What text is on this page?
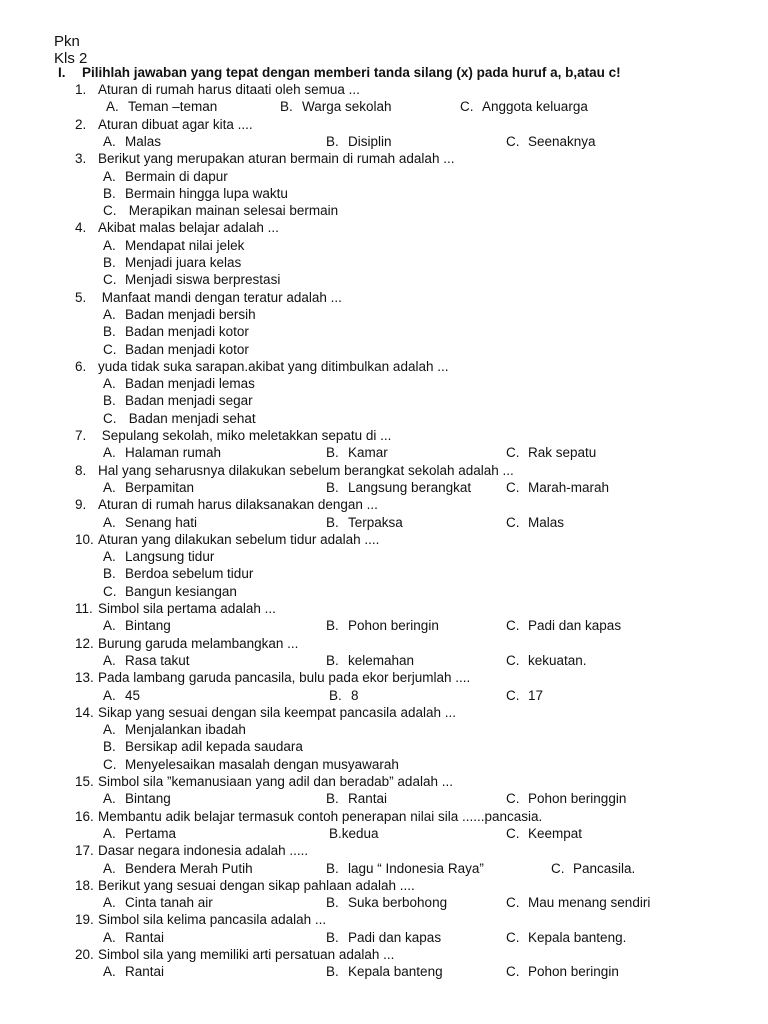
Pkn
Kls 2
I. Pilihlah jawaban yang tepat dengan memberi tanda silang (x) pada huruf a, b,atau c!
1. Aturan di rumah harus ditaati oleh semua ...
A. Teman –teman	B. Warga sekolah	C. Anggota keluarga
2. Aturan dibuat agar kita ....
A. Malas	B. Disiplin	C. Seenaknya
3. Berikut yang merupakan aturan bermain di rumah adalah ...
A. Bermain di dapur
B. Bermain hingga lupa waktu
C. Merapikan mainan selesai bermain
4. Akibat malas belajar adalah ...
A. Mendapat nilai jelek
B. Menjadi juara kelas
C. Menjadi siswa berprestasi
5. Manfaat mandi dengan teratur adalah ...
A. Badan menjadi bersih
B. Badan menjadi kotor
C. Badan menjadi kotor
6. yuda tidak suka sarapan.akibat yang ditimbulkan adalah ...
A. Badan menjadi lemas
B. Badan menjadi segar
C. Badan menjadi sehat
7. Sepulang sekolah, miko meletakkan sepatu di ...
A. Halaman rumah	B. Kamar	C. Rak sepatu
8. Hal yang seharusnya dilakukan sebelum berangkat sekolah adalah ...
A. Berpamitan	B. Langsung berangkat	C. Marah-marah
9. Aturan di rumah harus dilaksanakan dengan ...
A. Senang hati	B. Terpaksa	C. Malas
10. Aturan yang dilakukan sebelum tidur adalah ....
A. Langsung tidur
B. Berdoa sebelum tidur
C. Bangun kesiangan
11. Simbol sila pertama adalah ...
A. Bintang	B. Pohon beringin	C. Padi dan kapas
12. Burung garuda melambangkan ...
A. Rasa takut	B. kelemahan	C. kekuatan.
13. Pada lambang garuda pancasila, bulu pada ekor berjumlah ....
A. 45	B. 8	C. 17
14. Sikap yang sesuai dengan sila keempat pancasila adalah ...
A. Menjalankan ibadah
B. Bersikap adil kepada saudara
C. Menyelesaikan masalah dengan musyawarah
15. Simbol sila ”kemanusiaan yang adil dan beradab” adalah ...
A. Bintang	B. Rantai	C. Pohon beringgin
16. Membantu adik belajar termasuk contoh penerapan nilai sila ......pancasia.
A. Pertama	B.kedua	C. Keempat
17. Dasar negara indonesia adalah .....
A. Bendera Merah Putih	B. lagu “ Indonesia Raya”	C. Pancasila.
18. Berikut yang sesuai dengan sikap pahlaan adalah ....
A. Cinta tanah air	B. Suka berbohong	C. Mau menang sendiri
19. Simbol sila kelima pancasila adalah ...
A. Rantai	B. Padi dan kapas	C. Kepala banteng.
20. Simbol sila yang memiliki arti persatuan adalah ...
A. Rantai	B. Kepala banteng	C. Pohon beringin
